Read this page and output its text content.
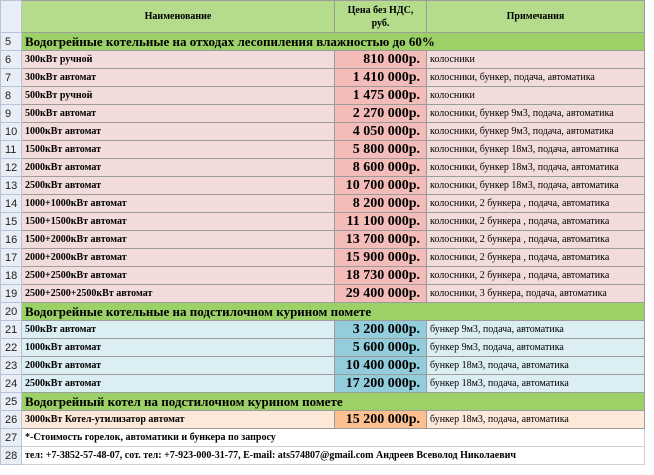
	Наименование	Цена без НДС, руб.	Примечания
5	Водогрейные котельные на отходах лесопиления влажностью до 60%		
6	300кВт ручной	810 000р.	колосники
7	300кВт автомат	1 410 000р.	колосники, бункер, подача, автоматика
8	500кВт ручной	1 475 000р.	колосники
9	500кВт автомат	2 270 000р.	колосники, бункер 9м3, подача, автоматика
10	1000кВт автомат	4 050 000р.	колосники, бункер 9м3, подача, автоматика
11	1500кВт автомат	5 800 000р.	колосники, бункер 18м3, подача, автоматика
12	2000кВт автомат	8 600 000р.	колосники, бункер 18м3, подача, автоматика
13	2500кВт автомат	10 700 000р.	колосники, бункер 18м3, подача, автоматика
14	1000+1000кВт автомат	8 200 000р.	колосники, 2 бункера , подача, автоматика
15	1500+1500кВт автомат	11 100 000р.	колосники, 2 бункера , подача, автоматика
16	1500+2000кВт автомат	13 700 000р.	колосники, 2 бункера , подача, автоматика
17	2000+2000кВт автомат	15 900 000р.	колосники, 2 бункера , подача, автоматика
18	2500+2500кВт автомат	18 730 000р.	колосники, 2 бункера , подача, автоматика
19	2500+2500+2500кВт автомат	29 400 000р.	колосники, 3 бункера, подача, автоматика
20	Водогрейные котельные на подстилочном курином помете		
21	500кВт автомат	3 200 000р.	бункер 9м3, подача, автоматика
22	1000кВт автомат	5 600 000р.	бункер 9м3, подача, автоматика
23	2000кВт автомат	10 400 000р.	бункер 18м3, подача, автоматика
24	2500кВт автомат	17 200 000р.	бункер 18м3, подача, автоматика
25	Водогрейный котел на подстилочном курином помете		
26	3000кВт Котел-утилизатор автомат	15 200 000р.	бункер 18м3, подача, автоматика
27	*-Стоимость горелок, автоматики и бункера по запросу		
28	тел: +7-3852-57-48-07, сот. тел: +7-923-000-31-77, E-mail: ats574807@gmail.com Андреев Всеволод Николаевич		
